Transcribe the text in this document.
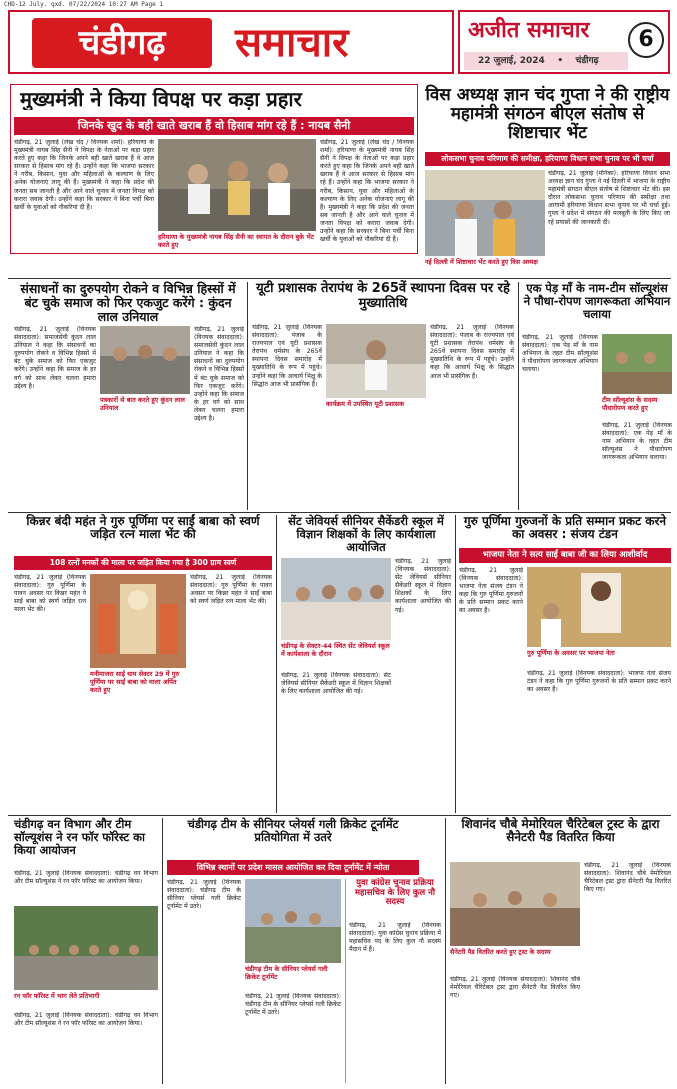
CHD-12 July. qxd. 07/22/2024 10:27 AM Page 1
चंडीगढ़	समाचार	अजीत समाचार
22 जुलाई, 2024    •    चंडीगढ़
6
मुख्यमंत्री ने किया विपक्ष पर कड़ा प्रहार
जिनके खुद के बही खाते खराब हैं वो हिसाब मांग रहे हैं : नायब सैनी
चंडीगढ़, 21 जुलाई (लेख चंद / विनयक शर्मा): हरियाणा के मुख्यमंत्री नायब सिंह सैनी ने विपक्ष के नेताओं पर कड़ा प्रहार करते हुए कहा कि जिनके अपने बही खाते खराब हैं वे आज सरकार से हिसाब मांग रहे हैं। उन्होंने कहा कि भाजपा सरकार ने गरीब, किसान, युवा और महिलाओं के कल्याण के लिए अनेक योजनाएं लागू की हैं। मुख्यमंत्री ने कहा कि प्रदेश की जनता सब जानती है और आने वाले चुनाव में जनता विपक्ष को करारा जवाब देगी। उन्होंने कहा कि सरकार ने बिना पर्ची बिना खर्ची के युवाओं को नौकरियां दी हैं।
हरियाणा के मुख्यमंत्री नायब सिंह सैनी का स्वागत के दौरान बुके भेंट करते हुए
चंडीगढ़, 21 जुलाई (लेख चंद / विनयक शर्मा): हरियाणा के मुख्यमंत्री नायब सिंह सैनी ने विपक्ष के नेताओं पर कड़ा प्रहार करते हुए कहा कि जिनके अपने बही खाते खराब हैं वे आज सरकार से हिसाब मांग रहे हैं। उन्होंने कहा कि भाजपा सरकार ने गरीब, किसान, युवा और महिलाओं के कल्याण के लिए अनेक योजनाएं लागू की हैं। मुख्यमंत्री ने कहा कि प्रदेश की जनता सब जानती है और आने वाले चुनाव में जनता विपक्ष को करारा जवाब देगी। उन्होंने कहा कि सरकार ने बिना पर्ची बिना खर्ची के युवाओं को नौकरियां दी हैं।
विस अध्यक्ष ज्ञान चंद गुप्ता ने की राष्ट्रीय महामंत्री संगठन बीएल संतोष से शिष्टाचार भेंट
लोकसभा चुनाव परिणाम की समीक्षा, हरियाणा विधान सभा चुनाव पर भी चर्चा
नई दिल्ली में शिष्टाचार भेंट करते हुए विस अध्यक्ष
चंडीगढ़, 21 जुलाई (मेनिका): हरियाणा विधान सभा अध्यक्ष ज्ञान चंद गुप्ता ने नई दिल्ली में भाजपा के राष्ट्रीय महामंत्री संगठन बीएल संतोष से शिष्टाचार भेंट की। इस दौरान लोकसभा चुनाव परिणाम की समीक्षा तथा आगामी हरियाणा विधान सभा चुनाव पर भी चर्चा हुई। गुप्ता ने प्रदेश में संगठन की मजबूती के लिए किए जा रहे प्रयासों की जानकारी दी।
संसाधनों का दुरुपयोग रोकने व विभिन्न हिस्सों में बंट चुके समाज को फिर एकजुट करेंगे : कुंदन लाल उनियाल
चंडीगढ़, 21 जुलाई (विनयक संवाददाता): समाजसेवी कुंदन लाल उनियाल ने कहा कि संसाधनों का दुरुपयोग रोकने व विभिन्न हिस्सों में बंट चुके समाज को फिर एकजुट करेंगे। उन्होंने कहा कि समाज के हर वर्ग को साथ लेकर चलना हमारा उद्देश्य है।
पत्रकारों से बात करते हुए कुंदन लाल उनियाल
चंडीगढ़, 21 जुलाई (विनयक संवाददाता): समाजसेवी कुंदन लाल उनियाल ने कहा कि संसाधनों का दुरुपयोग रोकने व विभिन्न हिस्सों में बंट चुके समाज को फिर एकजुट करेंगे। उन्होंने कहा कि समाज के हर वर्ग को साथ लेकर चलना हमारा उद्देश्य है।
यूटी प्रशासक तेरापंथ के 265वें स्थापना दिवस पर रहे मुख्यातिथि
चंडीगढ़, 21 जुलाई (विनयक संवाददाता): पंजाब के राज्यपाल एवं यूटी प्रशासक तेरापंथ धर्मसंघ के 265वें स्थापना दिवस समारोह में मुख्यातिथि के रूप में पहुंचे। उन्होंने कहा कि आचार्य भिक्षु के सिद्धांत आज भी प्रासंगिक हैं।
कार्यक्रम में उपस्थित यूटी प्रशासक
चंडीगढ़, 21 जुलाई (विनयक संवाददाता): पंजाब के राज्यपाल एवं यूटी प्रशासक तेरापंथ धर्मसंघ के 265वें स्थापना दिवस समारोह में मुख्यातिथि के रूप में पहुंचे। उन्होंने कहा कि आचार्य भिक्षु के सिद्धांत आज भी प्रासंगिक हैं।
एक पेड़ माँ के नाम-टीम सॉल्यूशंस ने पौधा-रोपण जागरूकता अभियान चलाया
चंडीगढ़, 21 जुलाई (विनयक संवाददाता): एक पेड़ माँ के नाम अभियान के तहत टीम सॉल्यूशंस ने पौधारोपण जागरूकता अभियान चलाया।
टीम सॉल्यूशंस के सदस्य पौधारोपण करते हुए
चंडीगढ़, 21 जुलाई (विनयक संवाददाता): एक पेड़ माँ के नाम अभियान के तहत टीम सॉल्यूशंस ने पौधारोपण जागरूकता अभियान चलाया।
किन्नर बंदी महंत ने गुरु पूर्णिमा पर साईं बाबा को स्वर्ण जड़ित रत्न माला भेंट की
108 रत्नों मनकों की माला पर जड़ित किया गया है 300 ग्राम स्वर्ण
चंडीगढ़, 21 जुलाई (विनयक संवाददाता): गुरु पूर्णिमा के पावन अवसर पर किन्नर महंत ने साईं बाबा को स्वर्ण जड़ित रत्न माला भेंट की।
मनीमाजरा साईं धाम सेक्टर 29 में गुरु पूर्णिमा पर साईं बाबा को माला अर्पित करते हुए
चंडीगढ़, 21 जुलाई (विनयक संवाददाता): गुरु पूर्णिमा के पावन अवसर पर किन्नर महंत ने साईं बाबा को स्वर्ण जड़ित रत्न माला भेंट की।
सेंट जेवियर्स सीनियर सैकेंडरी स्कूल में विज्ञान शिक्षकों के लिए कार्यशाला आयोजित
चंडीगढ़ के सेक्टर-44 स्थित सेंट जेवियर्स स्कूल में कार्यशाला के दौरान
चंडीगढ़, 21 जुलाई (विनयक संवाददाता): सेंट जेवियर्स सीनियर सैकेंडरी स्कूल में विज्ञान शिक्षकों के लिए कार्यशाला आयोजित की गई।
चंडीगढ़, 21 जुलाई (विनयक संवाददाता): सेंट जेवियर्स सीनियर सैकेंडरी स्कूल में विज्ञान शिक्षकों के लिए कार्यशाला आयोजित की गई।
गुरु पूर्णिमा गुरुजनों के प्रति सम्मान प्रकट करने का अवसर : संजय टंडन
भाजपा नेता ने सत्य साईं बाबा जी का लिया आशीर्वाद
चंडीगढ़, 21 जुलाई (विनयक संवाददाता): भाजपा नेता संजय टंडन ने कहा कि गुरु पूर्णिमा गुरुजनों के प्रति सम्मान प्रकट करने का अवसर है।
गुरु पूर्णिमा के अवसर पर भाजपा नेता
चंडीगढ़, 21 जुलाई (विनयक संवाददाता): भाजपा नेता संजय टंडन ने कहा कि गुरु पूर्णिमा गुरुजनों के प्रति सम्मान प्रकट करने का अवसर है।
चंडीगढ़ वन विभाग और टीम सॉल्यूशंस ने रन फॉर फॉरेस्ट का किया आयोजन
चंडीगढ़, 21 जुलाई (विनयक संवाददाता): चंडीगढ़ वन विभाग और टीम सॉल्यूशंस ने रन फॉर फॉरेस्ट का आयोजन किया।
रन फॉर फॉरेस्ट में भाग लेते प्रतिभागी
चंडीगढ़, 21 जुलाई (विनयक संवाददाता): चंडीगढ़ वन विभाग और टीम सॉल्यूशंस ने रन फॉर फॉरेस्ट का आयोजन किया।
चंडीगढ़ टीम के सीनियर प्लेयर्स गली क्रिकेट टूर्नामेंट प्रतियोगिता में उतरे
विभिन्न स्थानों पर प्रदेश मासल आयोजित कर दिया टूर्नामेंट में न्योता
चंडीगढ़, 21 जुलाई (विनयक संवाददाता): चंडीगढ़ टीम के सीनियर प्लेयर्स गली क्रिकेट टूर्नामेंट में उतरे।
चंडीगढ़ टीम के सीनियर प्लेयर्स गली क्रिकेट टूर्नामेंट
चंडीगढ़, 21 जुलाई (विनयक संवाददाता): चंडीगढ़ टीम के सीनियर प्लेयर्स गली क्रिकेट टूर्नामेंट में उतरे।
युवा कांग्रेस चुनाव प्रक्रिया महासचिव के लिए कुल नौ सदस्य
चंडीगढ़, 21 जुलाई (विनयक संवाददाता): युवा कांग्रेस चुनाव प्रक्रिया में महासचिव पद के लिए कुल नौ सदस्य मैदान में हैं।
शिवानंद चौबे मेमोरियल चैरिटेबल ट्रस्ट के द्वारा सैनेटरी पैड वितरित किया
सैनेटरी पैड वितरित करते हुए ट्रस्ट के सदस्य
चंडीगढ़, 21 जुलाई (विनयक संवाददाता): शिवानंद चौबे मेमोरियल चैरिटेबल ट्रस्ट द्वारा सैनेटरी पैड वितरित किए गए।
चंडीगढ़, 21 जुलाई (विनयक संवाददाता): शिवानंद चौबे मेमोरियल चैरिटेबल ट्रस्ट द्वारा सैनेटरी पैड वितरित किए गए।
